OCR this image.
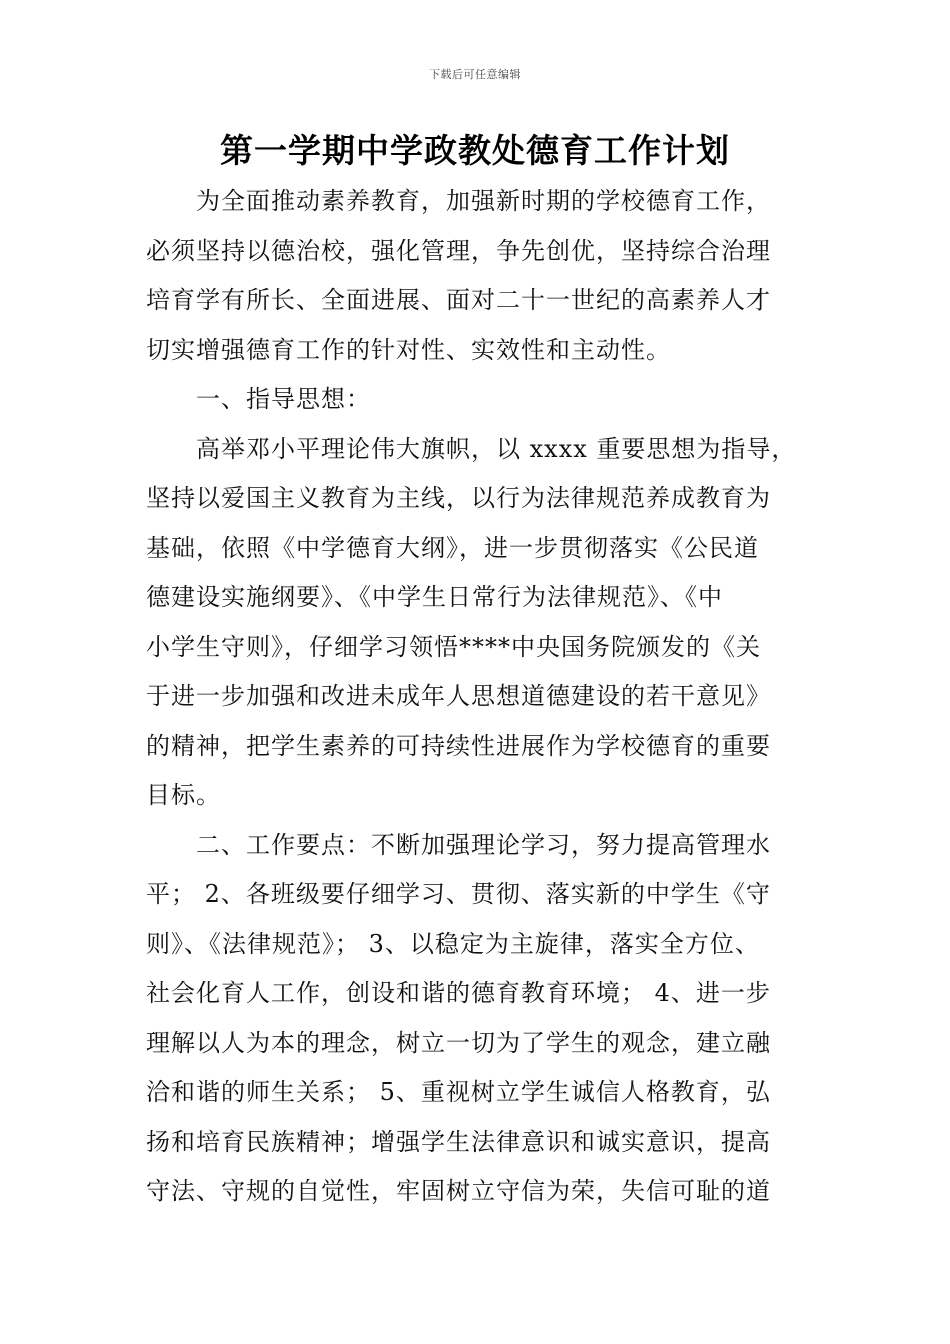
下载后可任意编辑
第一学期中学政教处德育工作计划
为全面推动素养教育，加强新时期的学校德育工作，
必须坚持以德治校，强化管理，争先创优，坚持综合治理
培育学有所长、全面进展、面对二十一世纪的高素养人才
切实增强德育工作的针对性、实效性和主动性。
一、指导思想：
高举邓小平理论伟大旗帜，以 xxxx 重要思想为指导，
坚持以爱国主义教育为主线，以行为法律规范养成教育为
基础，依照《中学德育大纲》，进一步贯彻落实《公民道
德建设实施纲要》、《中学生日常行为法律规范》、《中
小学生守则》，仔细学习领悟****中央国务院颁发的《关
于进一步加强和改进未成年人思想道德建设的若干意见》
的精神，把学生素养的可持续性进展作为学校德育的重要
目标。
二、工作要点：不断加强理论学习，努力提高管理水
平； 2、各班级要仔细学习、贯彻、落实新的中学生《守
则》、《法律规范》； 3、以稳定为主旋律，落实全方位、
社会化育人工作，创设和谐的德育教育环境； 4、进一步
理解以人为本的理念，树立一切为了学生的观念，建立融
洽和谐的师生关系； 5、重视树立学生诚信人格教育，弘
扬和培育民族精神；增强学生法律意识和诚实意识，提高
守法、守规的自觉性，牢固树立守信为荣，失信可耻的道
